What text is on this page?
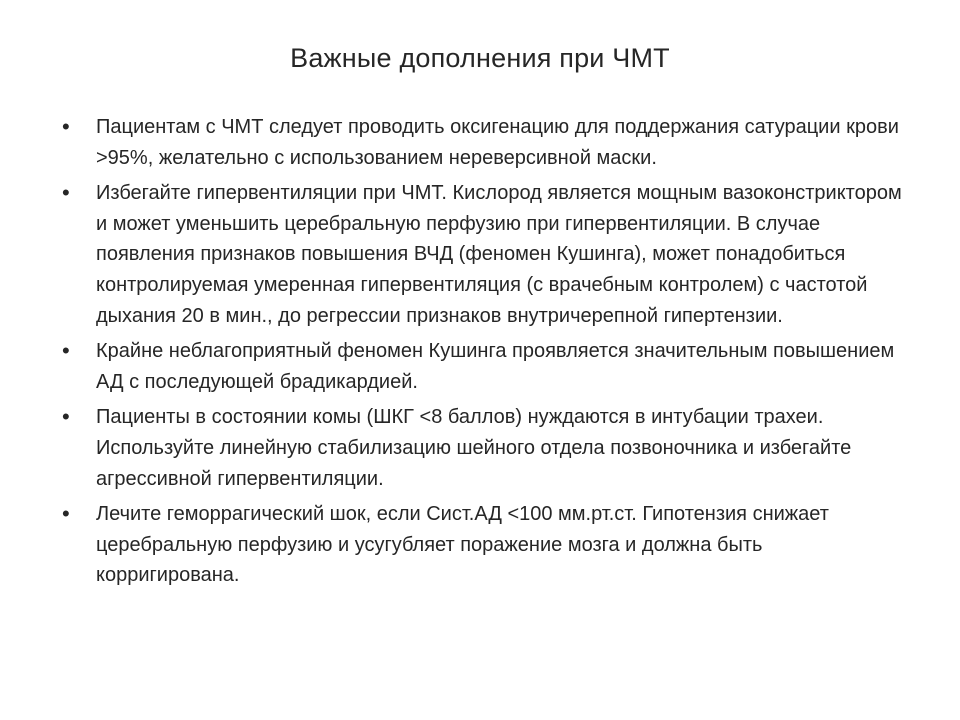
Важные дополнения при ЧМТ
•	Пациентам с ЧМТ следует проводить оксигенацию для поддержания сатурации крови >95%, желательно с использованием нереверсивной маски.
•	Избегайте гипервентиляции при ЧМТ. Кислород является мощным вазоконстриктором и может уменьшить церебральную перфузию при гипервентиляции. В случае появления признаков повышения ВЧД (феномен Кушинга), может понадобиться контролируемая умеренная гипервентиляция (с врачебным контролем) с частотой дыхания 20 в мин., до регрессии признаков внутричерепной гипертензии.
•	Крайне неблагоприятный феномен Кушинга проявляется значительным повышением АД с последующей брадикардией.
•	Пациенты в состоянии комы (ШКГ <8 баллов) нуждаются в интубации трахеи. Используйте линейную стабилизацию шейного отдела позвоночника и избегайте агрессивной гипервентиляции.
•	Лечите геморрагический шок, если Сист.АД <100 мм.рт.ст. Гипотензия снижает церебральную перфузию и усугубляет поражение мозга и должна быть корригирована.
